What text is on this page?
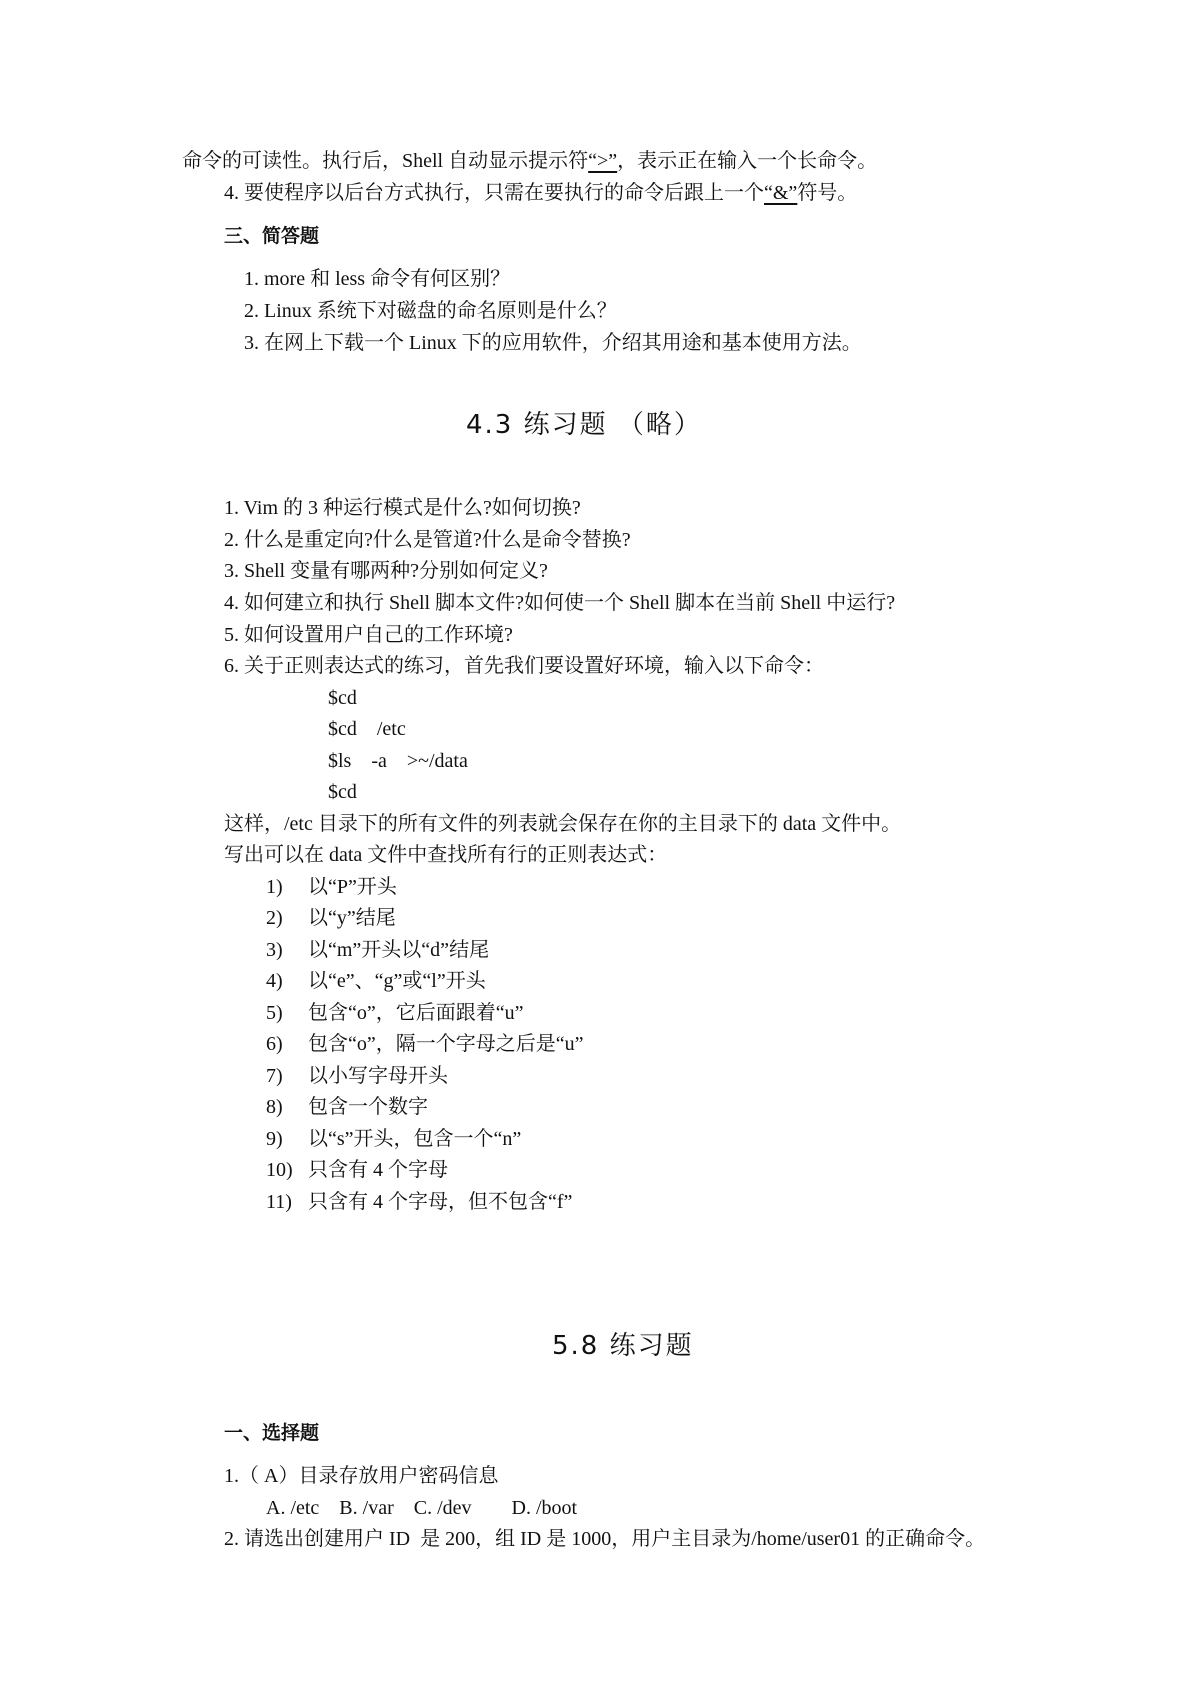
命令的可读性。执行后，Shell 自动显示提示符“>”，表示正在输入一个长命令。
4. 要使程序以后台方式执行，只需在要执行的命令后跟上一个“&”符号。
三、简答题
1. more 和 less 命令有何区别？
2. Linux 系统下对磁盘的命名原则是什么？
3. 在网上下载一个 Linux 下的应用软件，介绍其用途和基本使用方法。
4.3 练习题 （略）
1. Vim 的 3 种运行模式是什么?如何切换?
2. 什么是重定向?什么是管道?什么是命令替换?
3. Shell 变量有哪两种?分别如何定义?
4. 如何建立和执行 Shell 脚本文件?如何使一个 Shell 脚本在当前 Shell 中运行?
5. 如何设置用户自己的工作环境?
6. 关于正则表达式的练习，首先我们要设置好环境，输入以下命令：
$cd
$cd    /etc
$ls    -a    >~/data
$cd
这样，/etc 目录下的所有文件的列表就会保存在你的主目录下的 data 文件中。
写出可以在 data 文件中查找所有行的正则表达式：
1) 以“P”开头
2) 以“y”结尾
3) 以“m”开头以“d”结尾
4) 以“e”、“g”或“l”开头
5) 包含“o”，它后面跟着“u”
6) 包含“o”，隔一个字母之后是“u”
7) 以小写字母开头
8) 包含一个数字
9) 以“s”开头，包含一个“n”
10) 只含有 4 个字母
11) 只含有 4 个字母，但不包含“f”
5.8 练习题
一、选择题
1.（ A）目录存放用户密码信息
A. /etc    B. /var    C. /dev        D. /boot
2. 请选出创建用户 ID  是 200，组 ID 是 1000，用户主目录为/home/user01 的正确命令。
